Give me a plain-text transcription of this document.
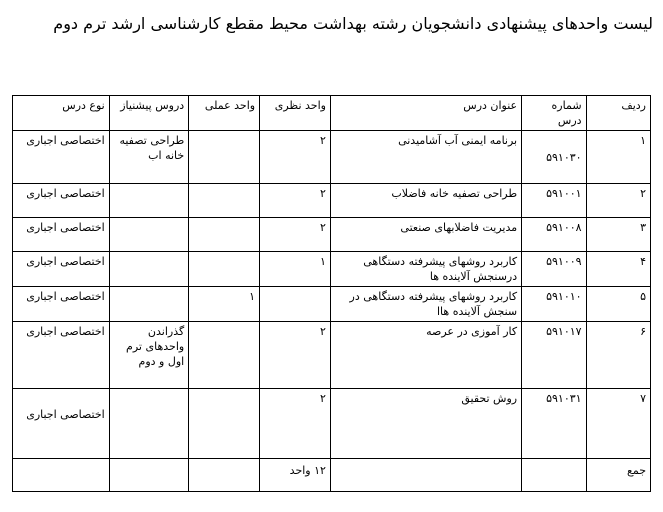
لیست واحدهای پیشنهادی دانشجویان رشته بهداشت محیط مقطع کارشناسی ارشد ترم دوم
ردیف	شماره درس	عنوان درس	واحد نظری	واحد عملی	دروس پیشنیاز	نوع درس
۱	۵۹۱۰۳۰	برنامه ایمنی آب آشامیدنی	۲		طراحی تصفیه خانه اب	اختصاصی اجباری
۲	۵۹۱۰۰۱	طراحی تصفیه خانه فاضلاب	۲			اختصاصی اجباری
۳	۵۹۱۰۰۸	مدیریت فاضلابهای صنعتی	۲			اختصاصی اجباری
۴	۵۹۱۰۰۹	کاربرد روشهای پیشرفته دستگاهی درسنجش آلاینده ها	۱			اختصاصی اجباری
۵	۵۹۱۰۱۰	کاربرد روشهای پیشرفته دستگاهی در سنجش آلاینده هاا		۱		اختصاصی اجباری
۶	۵۹۱۰۱۷	کار آموزی در عرصه	۲		گذراندن واحدهای ترم اول و دوم	اختصاصی اجباری
۷	۵۹۱۰۳۱	روش تحقیق	۲			اختصاصی اجباری
جمع			۱۲ واحد			
